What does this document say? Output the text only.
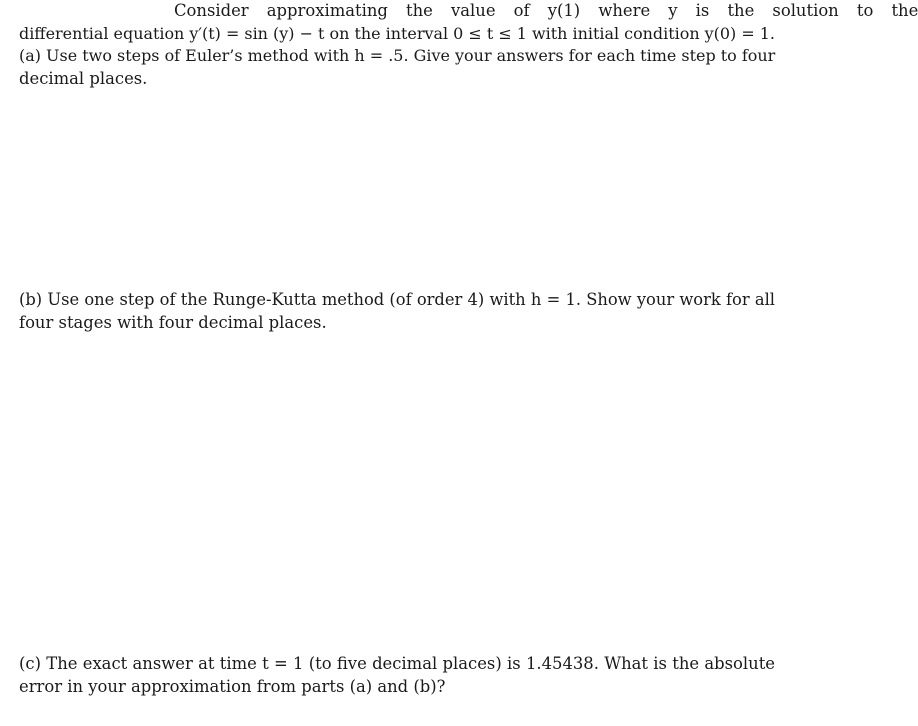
Consider approximating the value of y(1) where y is the solution to the
differential equation y′(t) = sin (y) − t on the interval 0 ≤ t ≤ 1 with initial condition y(0) = 1.
(a) Use two steps of Euler’s method with h = .5. Give your answers for each time step to four
decimal places.
(b) Use one step of the Runge-Kutta method (of order 4) with h = 1. Show your work for all
four stages with four decimal places.
(c) The exact answer at time t = 1 (to five decimal places) is 1.45438. What is the absolute
error in your approximation from parts (a) and (b)?
